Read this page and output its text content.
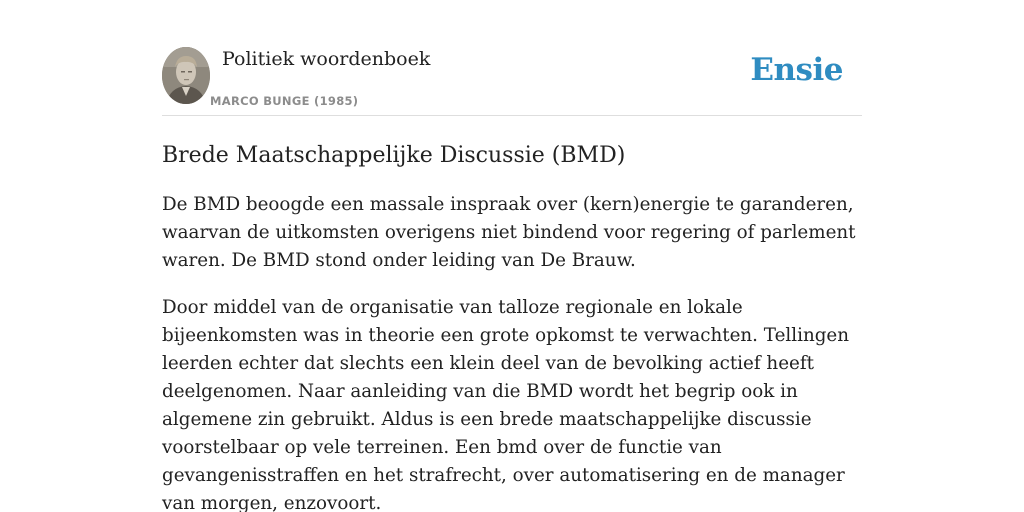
Politiek woordenboek
MARCO BUNGE (1985)
Ensie
Brede Maatschappelijke Discussie (BMD)

De BMD beoogde een massale inspraak over (kern)energie te garanderen, waarvan de uitkomsten overigens niet bindend voor regering of parlement waren. De BMD stond onder leiding van De Brauw.

Door middel van de organisatie van talloze regionale en lokale bijeenkomsten was in theorie een grote opkomst te verwachten. Tellingen leerden echter dat slechts een klein deel van de bevolking actief heeft deelgenomen. Naar aanleiding van die BMD wordt het begrip ook in algemene zin gebruikt. Aldus is een brede maatschappelijke discussie voorstelbaar op vele terreinen. Een bmd over de functie van gevangenisstraffen en het strafrecht, over automatisering en de manager van morgen, enzovoort.
